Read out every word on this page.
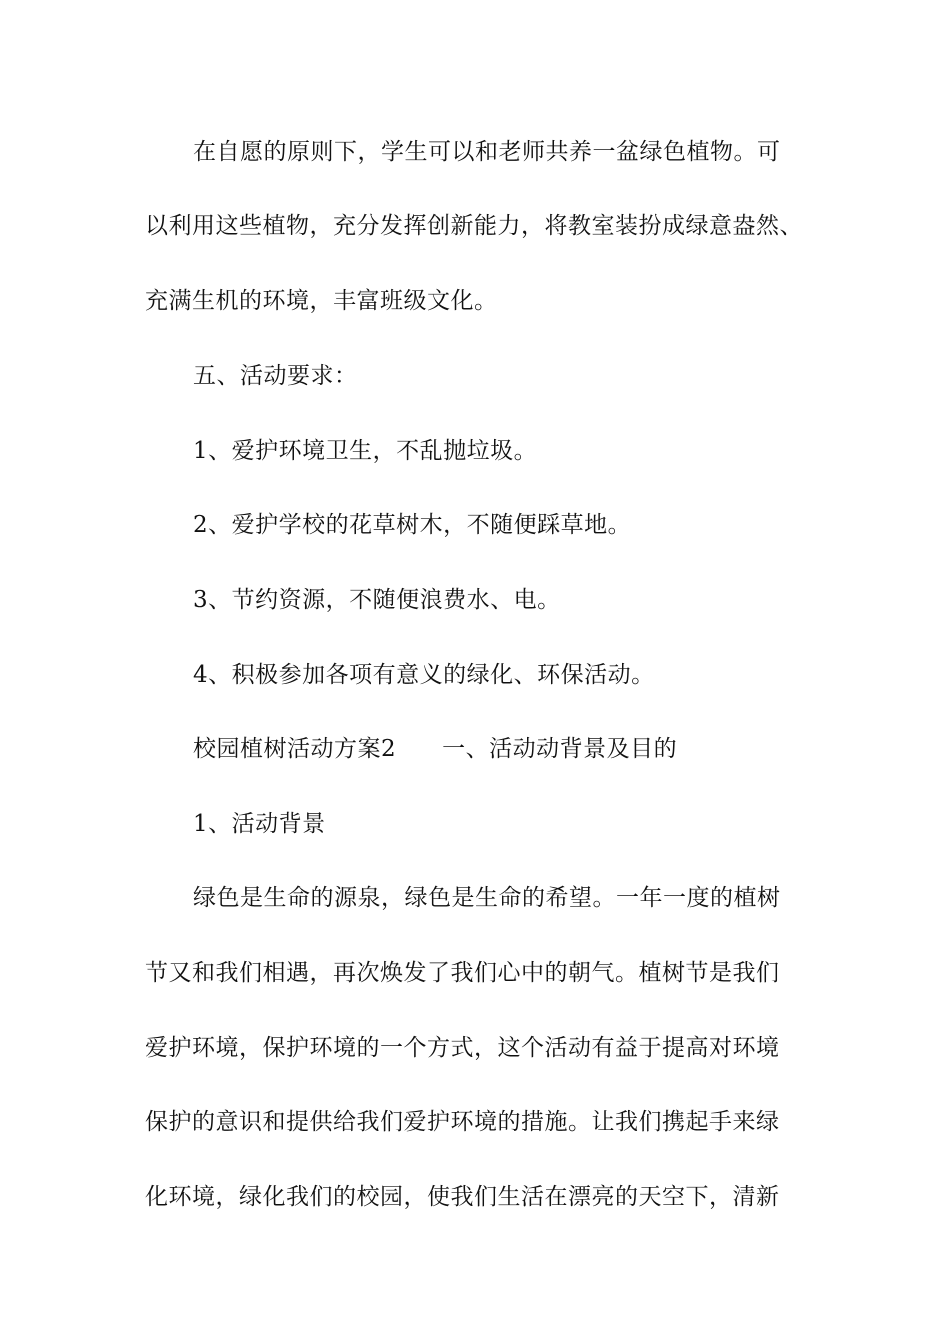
在自愿的原则下，学生可以和老师共养一盆绿色植物。可
以利用这些植物，充分发挥创新能力，将教室装扮成绿意盎然、
充满生机的环境，丰富班级文化。
五、活动要求：
1、爱护环境卫生，不乱抛垃圾。
2、爱护学校的花草树木，不随便踩草地。
3、节约资源，不随便浪费水、电。
4、积极参加各项有意义的绿化、环保活动。
校园植树活动方案2 一、活动动背景及目的
1、活动背景
绿色是生命的源泉，绿色是生命的希望。一年一度的植树
节又和我们相遇，再次焕发了我们心中的朝气。植树节是我们
爱护环境，保护环境的一个方式，这个活动有益于提高对环境
保护的意识和提供给我们爱护环境的措施。让我们携起手来绿
化环境，绿化我们的校园，使我们生活在漂亮的天空下，清新
